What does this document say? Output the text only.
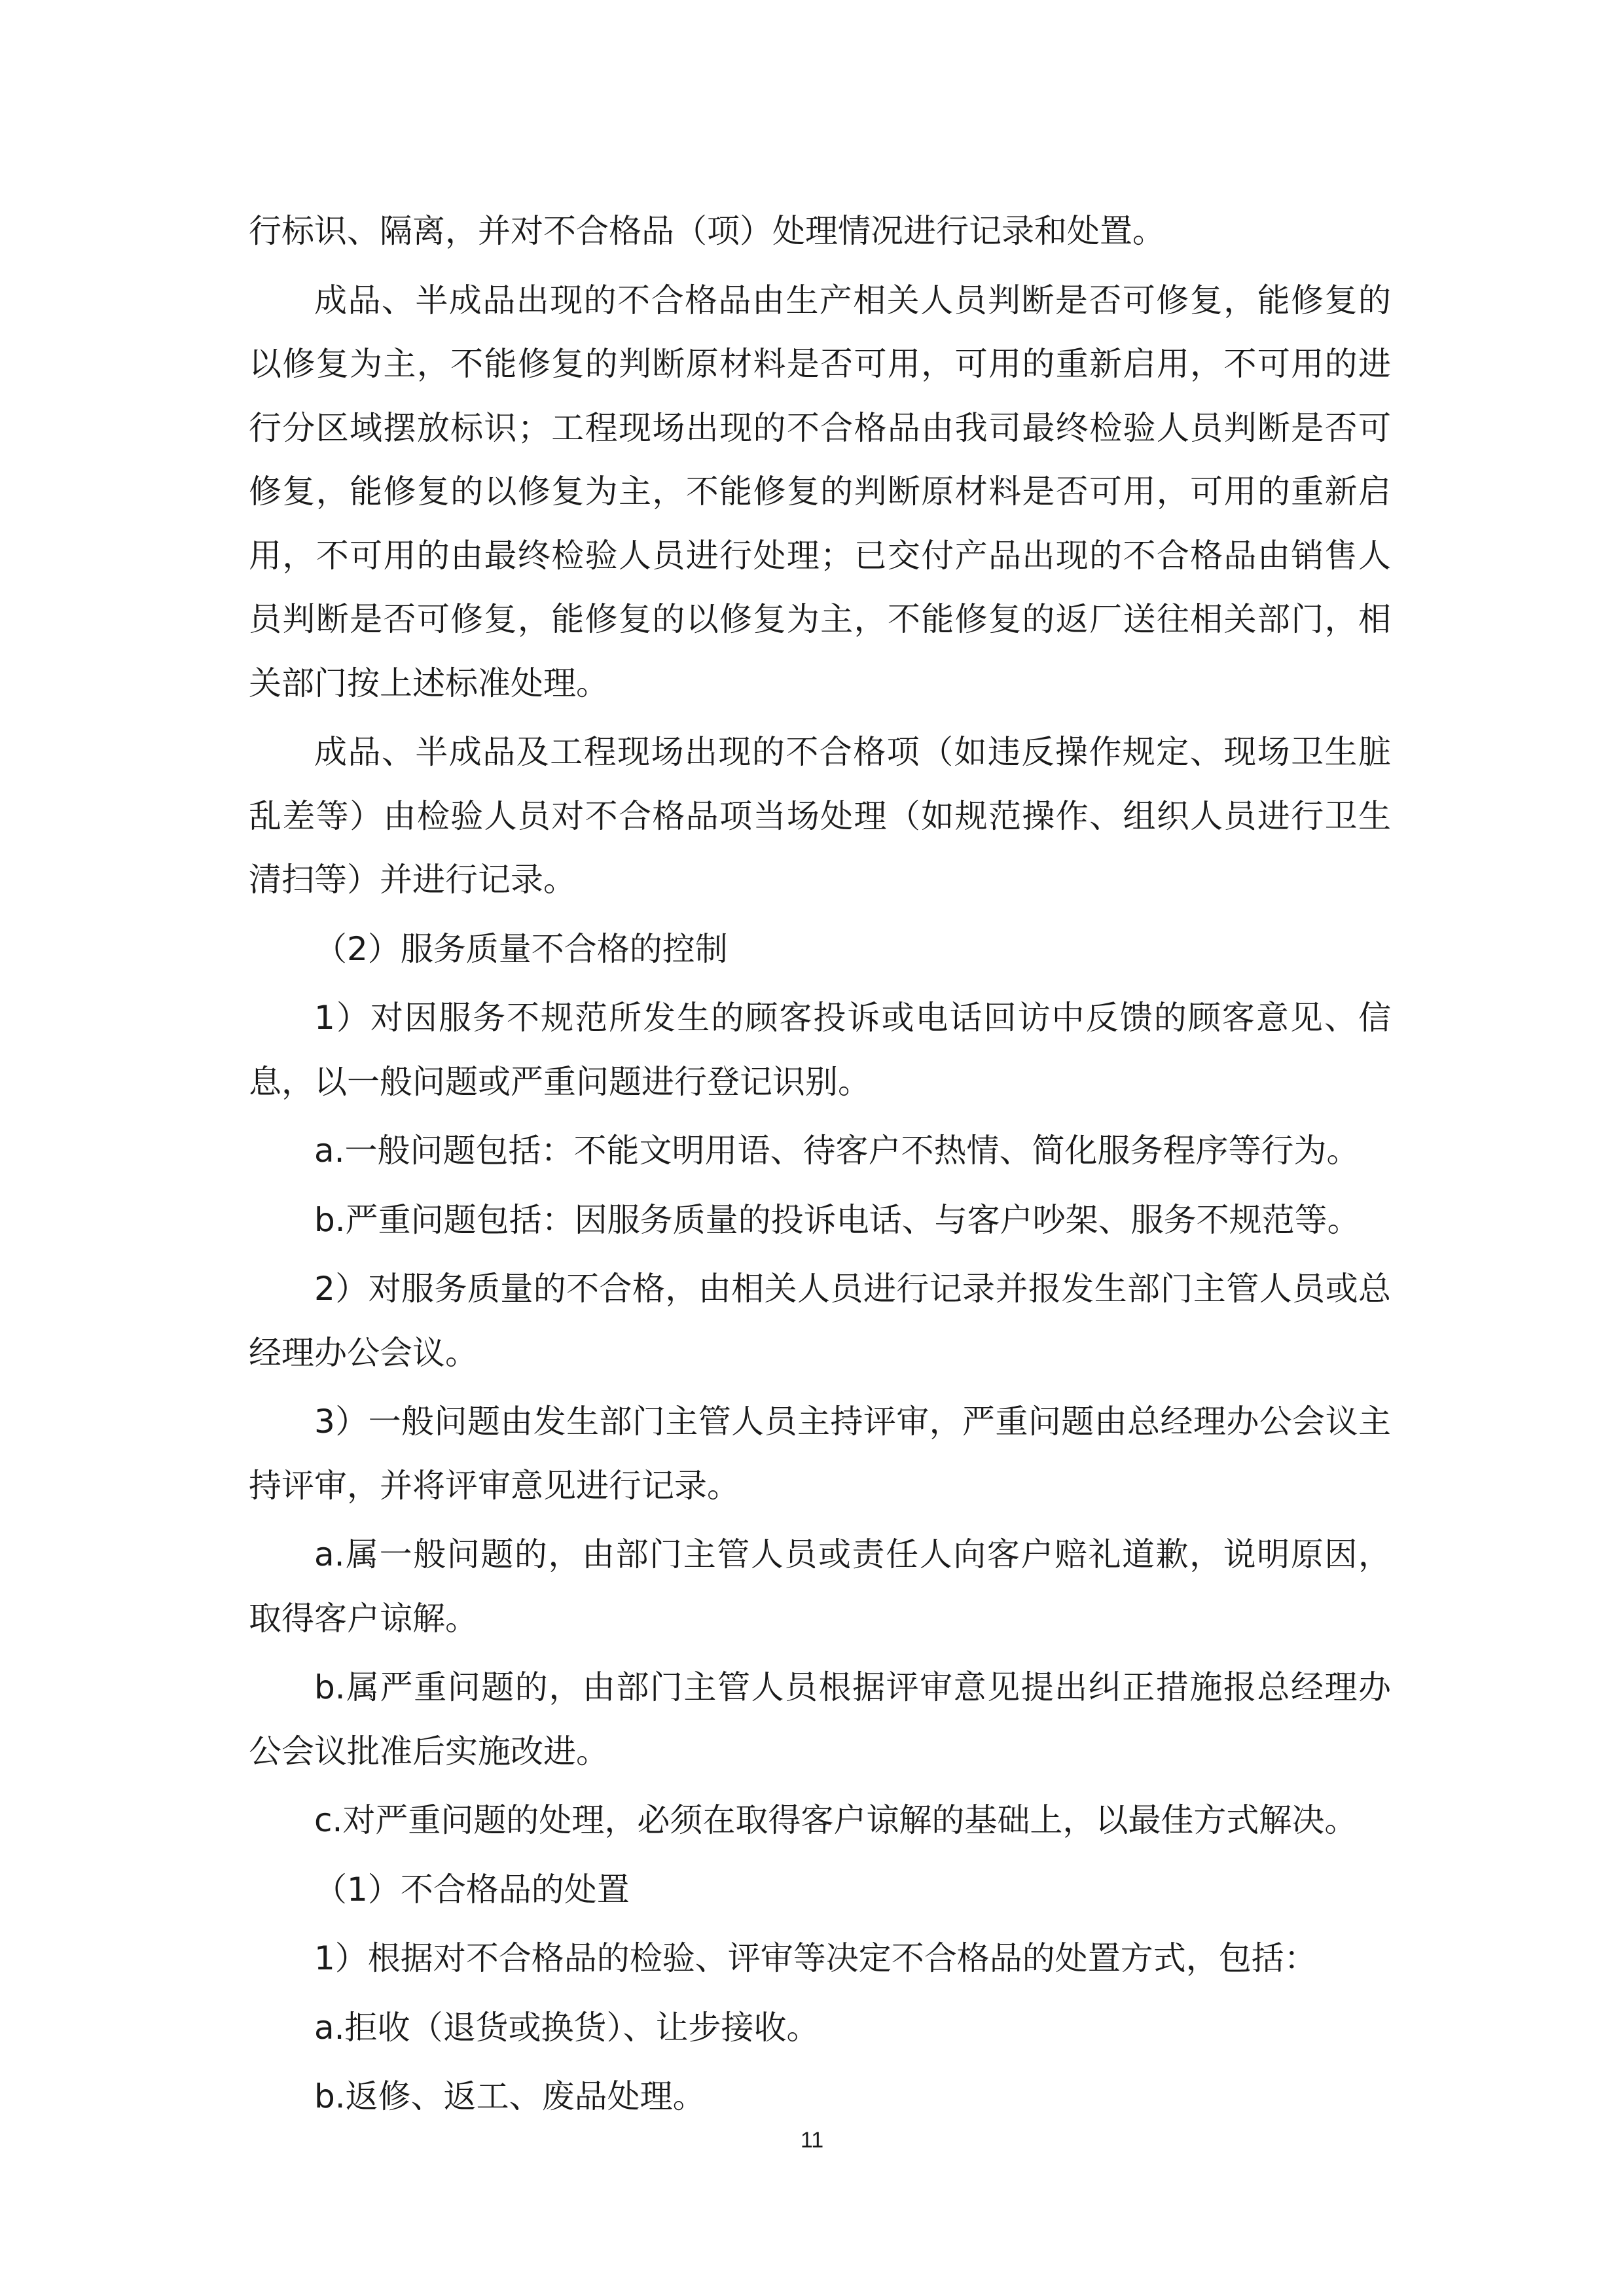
行标识、隔离，并对不合格品（项）处理情况进行记录和处置。

成品、半成品出现的不合格品由生产相关人员判断是否可修复，能修复的以修复为主，不能修复的判断原材料是否可用，可用的重新启用，不可用的进行分区域摆放标识；工程现场出现的不合格品由我司最终检验人员判断是否可修复，能修复的以修复为主，不能修复的判断原材料是否可用，可用的重新启用，不可用的由最终检验人员进行处理；已交付产品出现的不合格品由销售人员判断是否可修复，能修复的以修复为主，不能修复的返厂送往相关部门，相关部门按上述标准处理。

成品、半成品及工程现场出现的不合格项（如违反操作规定、现场卫生脏乱差等）由检验人员对不合格品项当场处理（如规范操作、组织人员进行卫生清扫等）并进行记录。

（2）服务质量不合格的控制

1）对因服务不规范所发生的顾客投诉或电话回访中反馈的顾客意见、信息，以一般问题或严重问题进行登记识别。

a.一般问题包括：不能文明用语、待客户不热情、简化服务程序等行为。

b.严重问题包括：因服务质量的投诉电话、与客户吵架、服务不规范等。

2）对服务质量的不合格，由相关人员进行记录并报发生部门主管人员或总经理办公会议。

3）一般问题由发生部门主管人员主持评审，严重问题由总经理办公会议主持评审，并将评审意见进行记录。

a.属一般问题的，由部门主管人员或责任人向客户赔礼道歉，说明原因，取得客户谅解。

b.属严重问题的，由部门主管人员根据评审意见提出纠正措施报总经理办公会议批准后实施改进。

c.对严重问题的处理，必须在取得客户谅解的基础上，以最佳方式解决。

（1）不合格品的处置

1）根据对不合格品的检验、评审等决定不合格品的处置方式，包括：

a.拒收（退货或换货）、让步接收。

b.返修、返工、废品处理。

11
